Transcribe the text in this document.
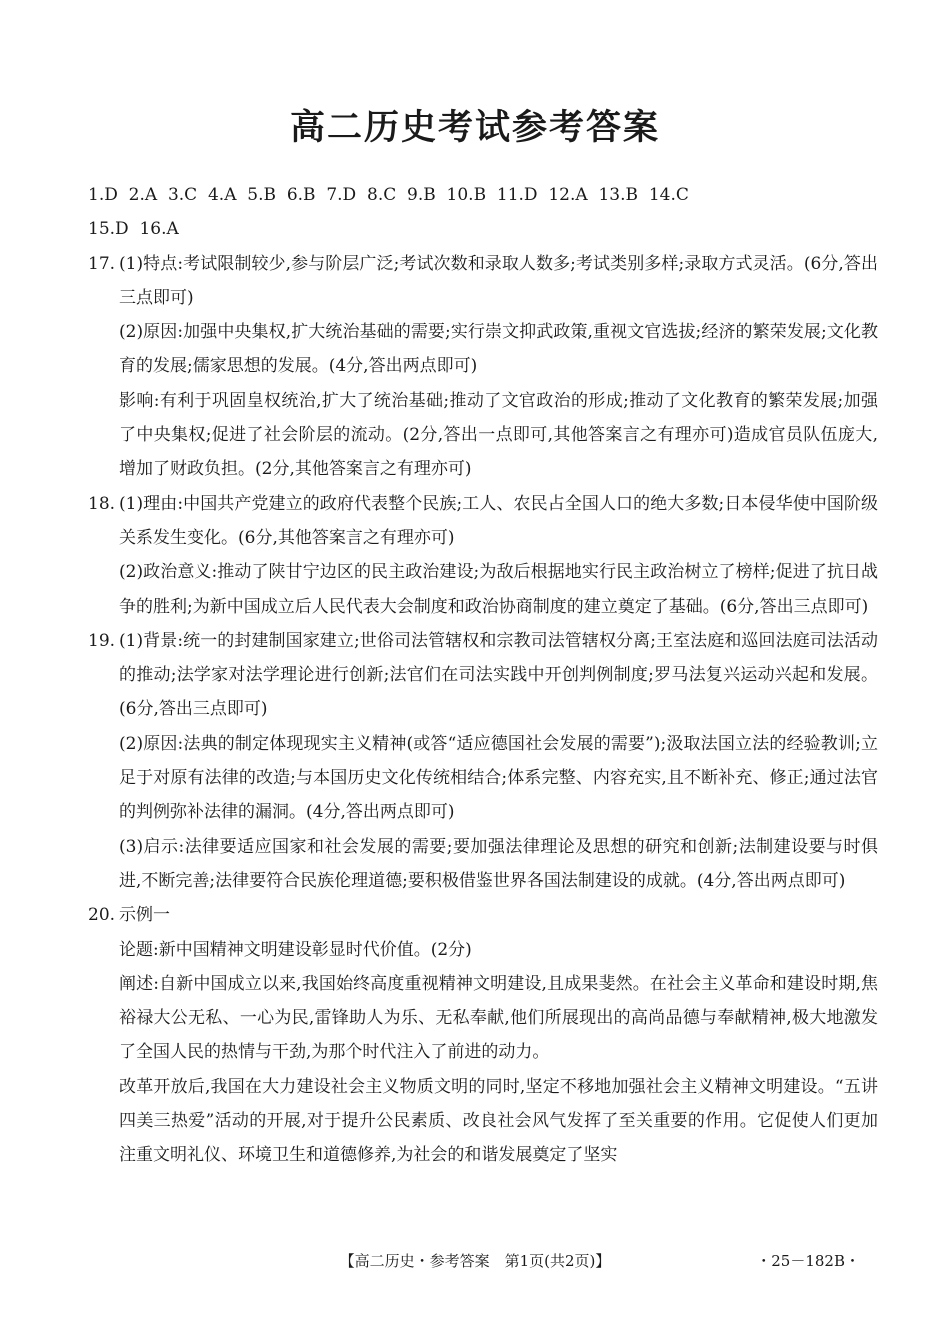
高二历史考试参考答案
1.D  2.A  3.C  4.A  5.B  6.B  7.D  8.C  9.B  10.B  11.D  12.A  13.B  14.C
15.D  16.A
17. (1)特点:考试限制较少,参与阶层广泛;考试次数和录取人数多;考试类别多样;录取方式灵活。(6分,答出三点即可)

(2)原因:加强中央集权,扩大统治基础的需要;实行崇文抑武政策,重视文官选拔;经济的繁荣发展;文化教育的发展;儒家思想的发展。(4分,答出两点即可)

影响:有利于巩固皇权统治,扩大了统治基础;推动了文官政治的形成;推动了文化教育的繁荣发展;加强了中央集权;促进了社会阶层的流动。(2分,答出一点即可,其他答案言之有理亦可)造成官员队伍庞大,增加了财政负担。(2分,其他答案言之有理亦可)

18. (1)理由:中国共产党建立的政府代表整个民族;工人、农民占全国人口的绝大多数;日本侵华使中国阶级关系发生变化。(6分,其他答案言之有理亦可)

(2)政治意义:推动了陕甘宁边区的民主政治建设;为敌后根据地实行民主政治树立了榜样;促进了抗日战争的胜利;为新中国成立后人民代表大会制度和政治协商制度的建立奠定了基础。(6分,答出三点即可)

19. (1)背景:统一的封建制国家建立;世俗司法管辖权和宗教司法管辖权分离;王室法庭和巡回法庭司法活动的推动;法学家对法学理论进行创新;法官们在司法实践中开创判例制度;罗马法复兴运动兴起和发展。(6分,答出三点即可)

(2)原因:法典的制定体现现实主义精神(或答“适应德国社会发展的需要”);汲取法国立法的经验教训;立足于对原有法律的改造;与本国历史文化传统相结合;体系完整、内容充实,且不断补充、修正;通过法官的判例弥补法律的漏洞。(4分,答出两点即可)

(3)启示:法律要适应国家和社会发展的需要;要加强法律理论及思想的研究和创新;法制建设要与时俱进,不断完善;法律要符合民族伦理道德;要积极借鉴世界各国法制建设的成就。(4分,答出两点即可)

20. 示例一

论题:新中国精神文明建设彰显时代价值。(2分)

阐述:自新中国成立以来,我国始终高度重视精神文明建设,且成果斐然。在社会主义革命和建设时期,焦裕禄大公无私、一心为民,雷锋助人为乐、无私奉献,他们所展现出的高尚品德与奉献精神,极大地激发了全国人民的热情与干劲,为那个时代注入了前进的动力。

改革开放后,我国在大力建设社会主义物质文明的同时,坚定不移地加强社会主义精神文明建设。“五讲四美三热爱”活动的开展,对于提升公民素质、改良社会风气发挥了至关重要的作用。它促使人们更加注重文明礼仪、环境卫生和道德修养,为社会的和谐发展奠定了坚实

【高二历史・参考答案　第1页(共2页)】	・25－182B・
